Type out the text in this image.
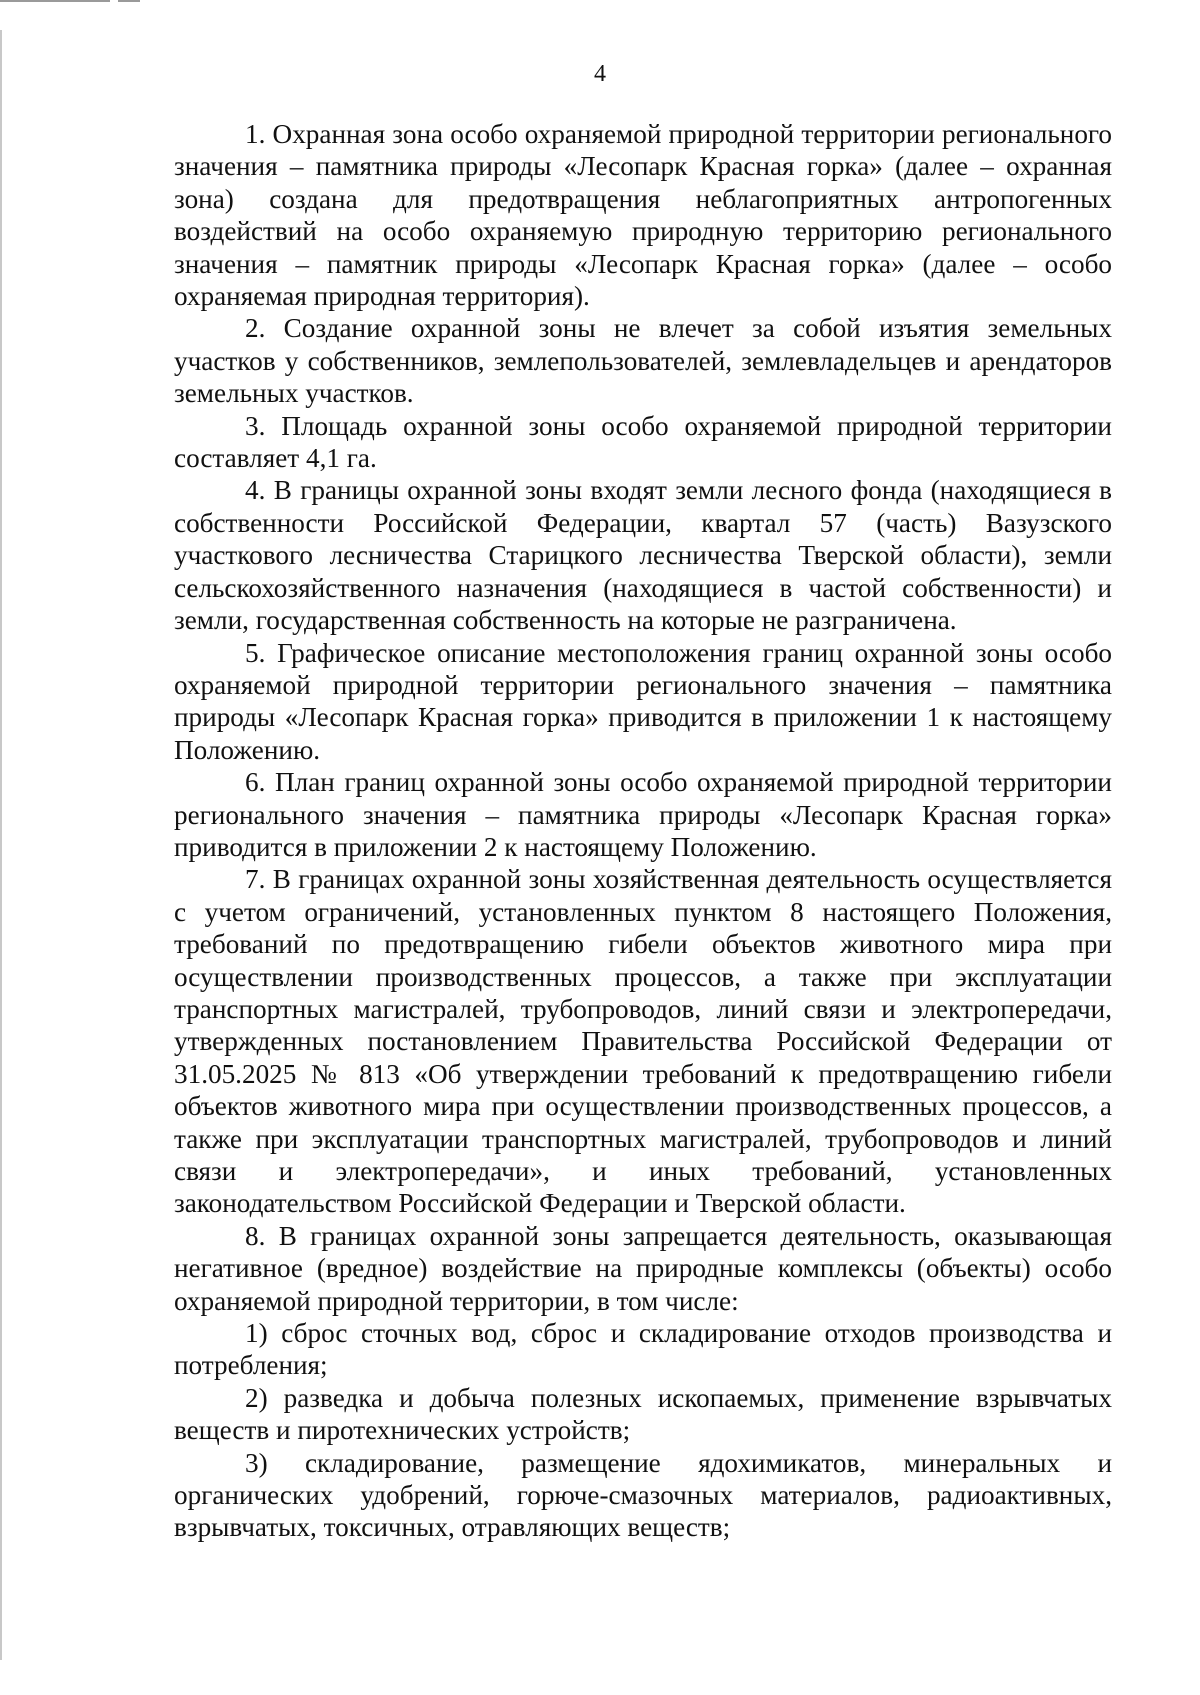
4

1. Охранная зона особо охраняемой природной территории регионального значения – памятника природы «Лесопарк Красная горка» (далее – охранная зона) создана для предотвращения неблагоприятных антропогенных воздействий на особо охраняемую природную территорию регионального значения – памятник природы «Лесопарк Красная горка» (далее – особо охраняемая природная территория).

2. Создание охранной зоны не влечет за собой изъятия земельных участков у собственников, землепользователей, землевладельцев и арендаторов земельных участков.

3. Площадь охранной зоны особо охраняемой природной территории составляет 4,1 га.

4. В границы охранной зоны входят земли лесного фонда (находящиеся в собственности Российской Федерации, квартал 57 (часть) Вазузского участкового лесничества Старицкого лесничества Тверской области), земли сельскохозяйственного назначения (находящиеся в частой собственности) и земли, государственная собственность на которые не разграничена.

5. Графическое описание местоположения границ охранной зоны особо охраняемой природной территории регионального значения – памятника природы «Лесопарк Красная горка» приводится в приложении 1 к настоящему Положению.

6. План границ охранной зоны особо охраняемой природной территории регионального значения – памятника природы «Лесопарк Красная горка» приводится в приложении 2 к настоящему Положению.

7. В границах охранной зоны хозяйственная деятельность осуществляется с учетом ограничений, установленных пунктом 8 настоящего Положения, требований по предотвращению гибели объектов животного мира при осуществлении производственных процессов, а также при эксплуатации транспортных магистралей, трубопроводов, линий связи и электропередачи, утвержденных постановлением Правительства Российской Федерации от 31.05.2025 № 813 «Об утверждении требований к предотвращению гибели объектов животного мира при осуществлении производственных процессов, а также при эксплуатации транспортных магистралей, трубопроводов и линий связи и электропередачи», и иных требований, установленных законодательством Российской Федерации и Тверской области.

8. В границах охранной зоны запрещается деятельность, оказывающая негативное (вредное) воздействие на природные комплексы (объекты) особо охраняемой природной территории, в том числе:

1) сброс сточных вод, сброс и складирование отходов производства и потребления;

2) разведка и добыча полезных ископаемых, применение взрывчатых веществ и пиротехнических устройств;

3) складирование, размещение ядохимикатов, минеральных и органических удобрений, горюче-смазочных материалов, радиоактивных, взрывчатых, токсичных, отравляющих веществ;
